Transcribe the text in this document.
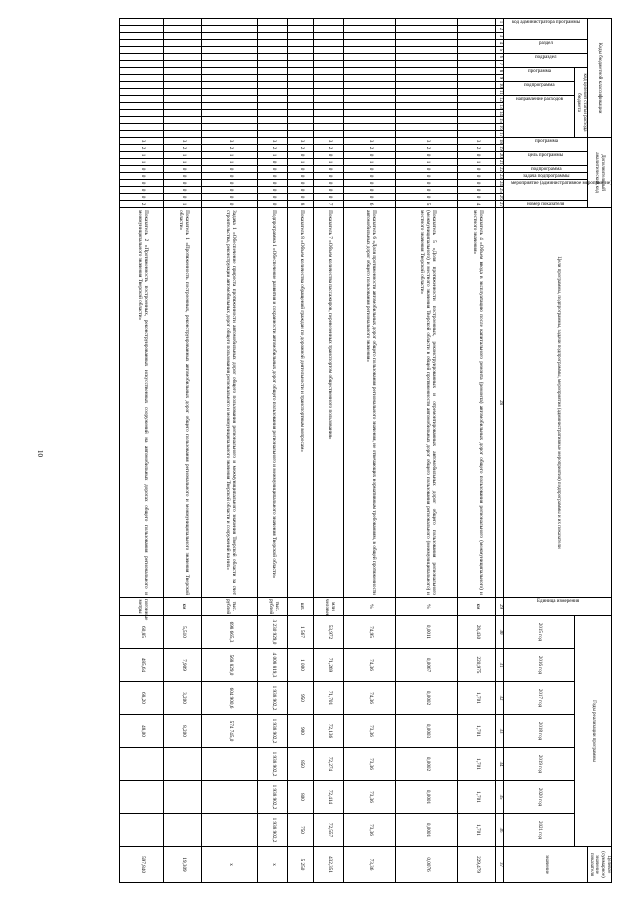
10
Коды бюджетной классификации																	Дополнительный аналитический код										Цели программы, подпрограммы, задачи подпрограммы, мероприятия (административные мероприятия) подпрограммы и их показатели	Единица измерения	Годы реализации программы							Целевое (суммарное) значение показателя

код администратора программы			раздел		подраздел		код целевой статьи расхода бюджета										программа		цель программы		подпрограмма	задача подпрограммы	мероприятие (административное мероприятие)			номер показателя										значение

							программа		подпрограмма		направление расходов																		2015 год	2016 год	2017 год	2018 год	2019 год	2020 год	2021 год	
1	2	3	4	5	6	7	8	9	10	11	12	13	14	15	16	17	18	19	20	21	22	23	24	25	26	27	28	29	30	31	32	33	34	35	36	37
																	3	2	0	1	0	0	0	0	0	4	Показатель 4 «Объем ввода в эксплуатацию после капитального ремонта (ремонта) автомобильных дорог общего пользования регионального (межмуниципального) и местного значения»	км	28,430	220,975	1,701	1,701	1,701	1,701	1,701	229,479
																	3	2	0	1	0	0	0	0	0	5	Показатель 5 «Доля протяженности построенных, реконструированных и отремонтированных автомобильных дорог общего пользования регионального (межмуниципального) и местного значения Тверской области в общей протяженности автомобильных дорог общего пользования регионального (межмуниципального) и местного значения Тверской области»	%	0,0011	0,0067	0,0002	0,0003	0,0002	0,0001	0,0001	0,0076
																	3	2	0	1	0	0	0	0	0	6	Показатель 6 «Доля протяженности автомобильных дорог общего пользования регионального значения, не отвечающих нормативным требованиям, в общей протяженности автомобильных дорог общего пользования регионального значения»	%	74,95	74,36	74,36	73,36	73,36	73,36	73,36	73,36
																	3	2	0	1	0	0	0	0	0	7	Показатель 7 «Объем количества пассажиров, перевезенных транспортом общественного пользования»	млн человек	53,972	71,269	71,701	72,136	72,274	72,414	72,557	432,351
																	3	2	0	1	0	0	0	0	0	8	Показатель 8 «Объем количества обращений граждан по дорожной деятельности и транспортным вопросам»	шт.	1 567	1 000	950	900	850	800	750	5 250
																	3	2	1	0	0	0	0	0	0	0	Подпрограмма 1 «Обеспечение развития и сохранности автомобильных дорог общего пользования регионального и межмуниципального значения Тверской области»	тыс. рублей	3 230 929,0	4 008 819,3	1 938 902,2	1 938 902,2	1 938 902,2	1 938 902,2	1 938 902,2	х
																	3	2	1	1	0	0	0	0	0	0	Задача 1 «Обеспечение прироста протяженности автомобильных дорог общего пользования регионального и межмуниципального значения Тверской области за счет строительства, реконструкции автомобильных дорог общего пользования регионального и межмуниципального значения Тверской области и сооружений на них»	тыс. рублей	698 665,3	568 829,0	604 900,6	574 745,0				х
																	3	2	1	1	0	0	0	0	0	1	Показатель 1 «Протяженность построенных, реконструированных автомобильных дорог общего пользования регионального и межмуниципального значения Тверской области»	км	5,510	7,909	3,200	8,200				19,309
																	3	2	1	1	0	0	0	0	0	2	Показатель 2 «Протяженность построенных, реконструированных искусственных сооружений на автомобильных дорогах общего пользования регионального и межмуниципального значения Тверской области»	погонные метры	60,85	485,64	68,20	48,00				597,840
